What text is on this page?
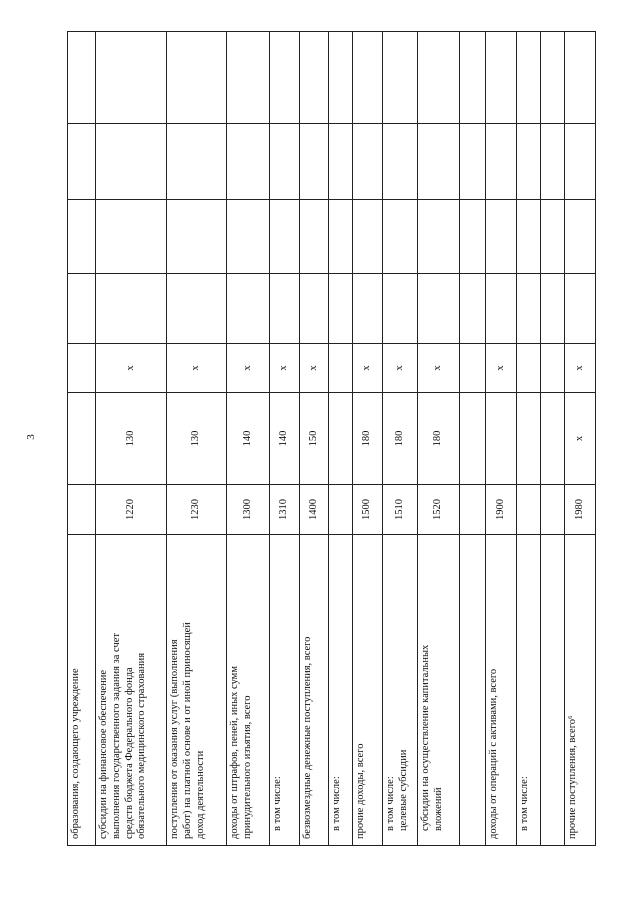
3
образования, создающего учреждение							

субсидии на финансовое обеспечение выполнения государственного задания за счет средств бюджета Федерального фонда обязательного медицинского страхования	1220	130	х				

поступления от оказания услуг (выполнения работ) на платной основе и от иной приносящей доход деятельности	1230	130	х				

доходы от штрафов, пеней, иных сумм принудительного изъятия, всего	1300	140	х				

в том числе:	1310	140	х				

безвозмездные денежные поступления, всего	1400	150	х				

в том числе:							

прочие доходы, всего	1500	180	х				

в том числе: целевые субсидии	1510	180	х				

субсидии на осуществление капитальных вложений	1520	180	х				

доходы от операций с активами, всего	1900		х				

в том числе:							

прочие поступления, всего⁶	1980	х	х				
